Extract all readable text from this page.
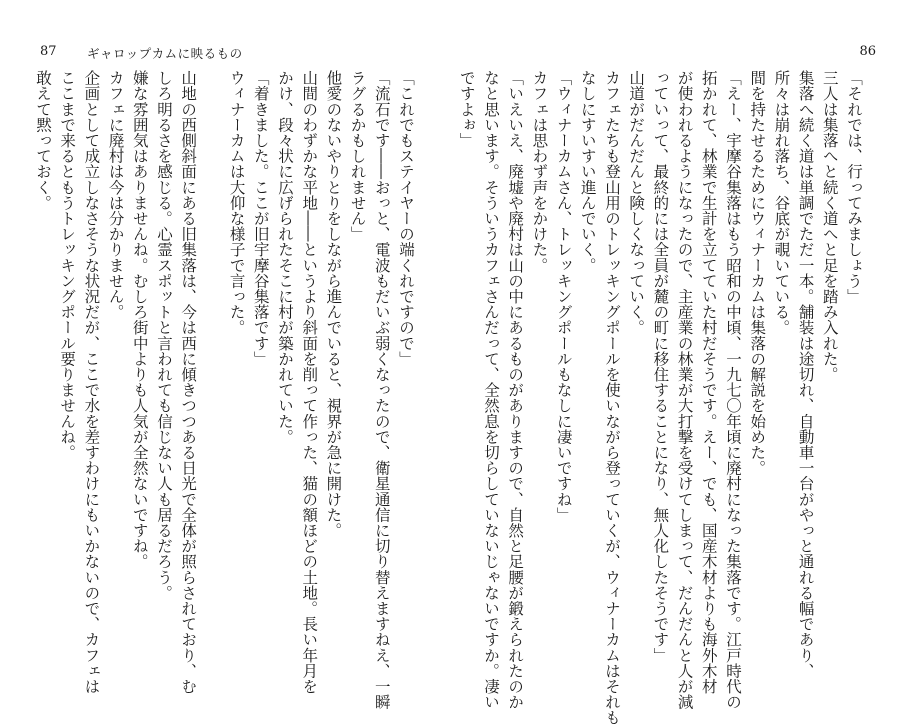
87 ギャロップカムに映るもの
「これでもステイヤーの端くれですので」
「流石です――おっと、電波もだいぶ弱くなったので、衛星通信に切り替えますねえ、一瞬
ラグるかもしれません」
他愛のないやりとりをしながら進んでいると、視界が急に開けた。
山間のわずかな平地――というより斜面を削って作った、猫の額ほどの土地。長い年月を
かけ、段々状に広げられたそこに村が築かれていた。
「着きました。ここが旧宇摩谷集落です」
ウィナーカムは大仰な様子で言った。

山地の西側斜面にある旧集落は、今は西に傾きつつある日光で全体が照らされており、む
しろ明るさを感じる。心霊スポットと言われても信じない人も居るだろう。
嫌な雰囲気はありませんね。むしろ街中よりも人気が全然ないですね。
カフェに廃村は今は分かりません。
企画として成立しなさそうな状況だが、ここで水を差すわけにもいかないので、カフェは
ここまで来るともうトレッキングポール要りませんね。
敢えて黙っておく。
86
「それでは、行ってみましょう」
三人は集落へと続く道へと足を踏み入れた。
集落へ続く道は単調でただ一本。舗装は途切れ、自動車一台がやっと通れる幅であり、
所々は崩れ落ち、谷底が覗いている。
間を持たせるためにウィナーカムは集落の解説を始めた。
「えー、宇摩谷集落はもう昭和の中頃、一九七〇年頃に廃村になった集落です。江戸時代の
拓かれて、林業で生計を立てていた村だそうです。えー、でも、国産木材よりも海外木材
が使われるようになったので、主産業の林業が大打撃を受けてしまって、だんだんと人が減
っていって、最終的には全員が麓の町に移住することになり、無人化したそうです」
山道がだんだんと険しくなっていく。
カフェたちも登山用のトレッキングポールを使いながら登っていくが、ウィナーカムはそれも
なしにすいすい進んでいく。
「ウィナーカムさん、トレッキングポールもなしに凄いですね」
カフェは思わず声をかけた。
「いえいえ、廃墟や廃村は山の中にあるものがありますので、自然と足腰が鍛えられたのか
なと思います。そういうカフェさんだって、全然息を切らしていないじゃないですか。凄い
ですよぉ」
